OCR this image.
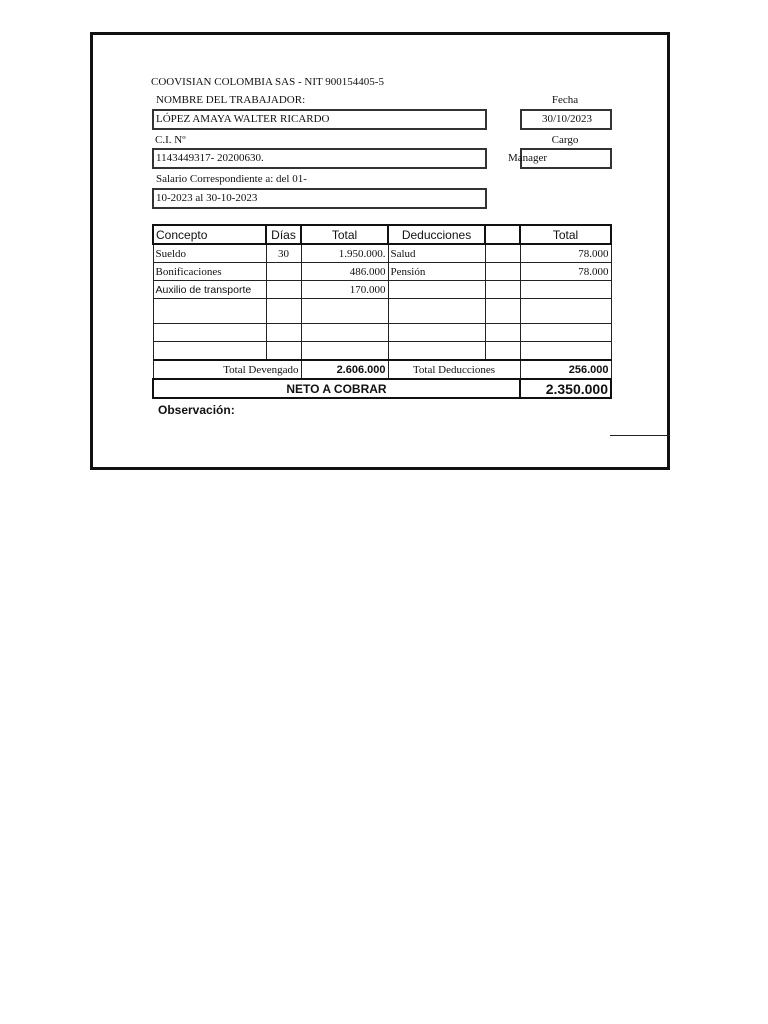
COOVISIAN COLOMBIA SAS - NIT 900154405-5
NOMBRE DEL TRABAJADOR:	Fecha
LÓPEZ AMAYA WALTER RICARDO	30/10/2023
C.I. Nº	Cargo
1143449317- 20200630.	Manager
Salario Correspondiente a: del 01-
10-2023 al 30-10-2023
Concepto	Días	Total	Deducciones		Total
Sueldo	30	1.950.000.	Salud		78.000
Bonificaciones		486.000	Pensión		78.000
Auxilio de transporte		170.000			

Total Devengado		2.606.000	Total Deducciones		256.000
NETO A COBRAR					2.350.000
Observación:
